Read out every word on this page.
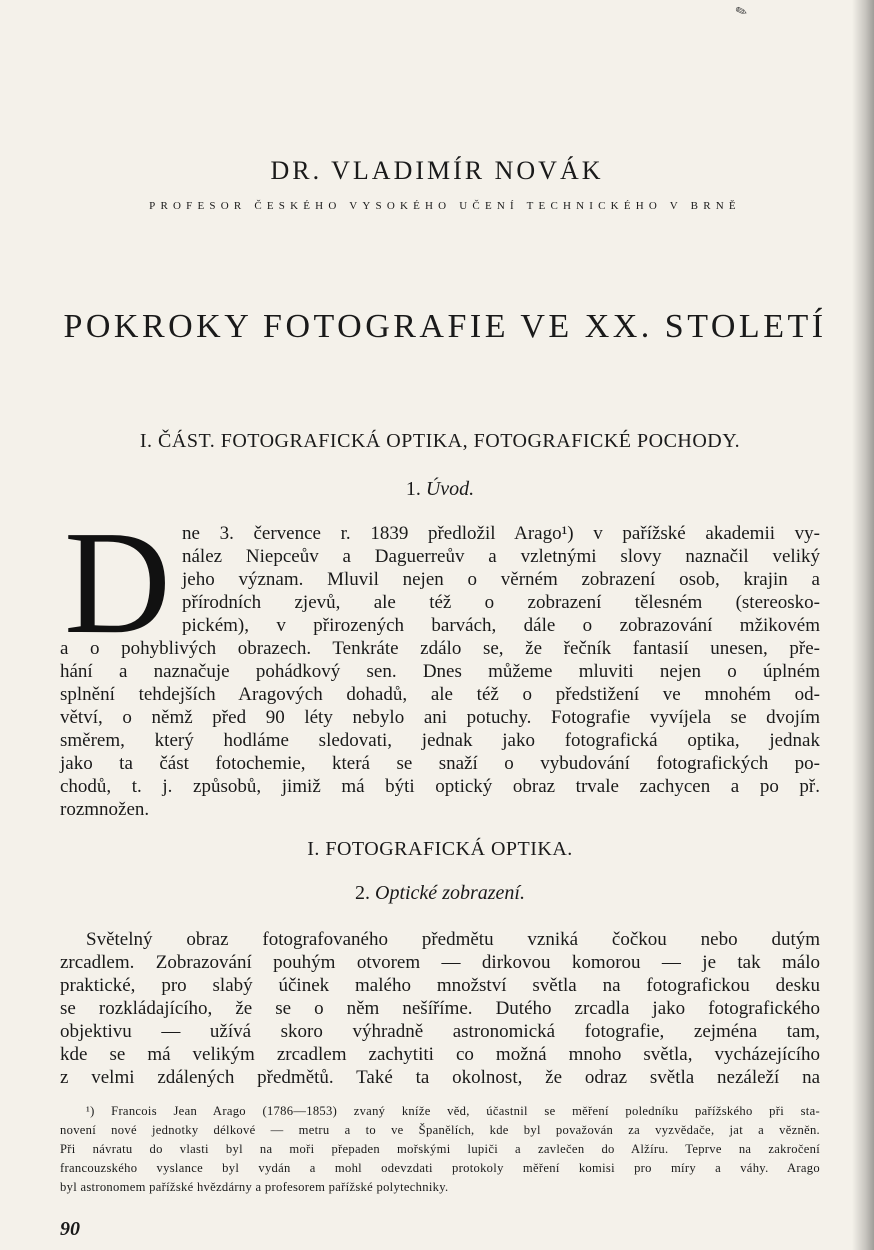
✎
DR. VLADIMÍR NOVÁK
PROFESOR ČESKÉHO VYSOKÉHO UČENÍ TECHNICKÉHO V BRNĚ
POKROKY FOTOGRAFIE VE XX. STOLETÍ
I. ČÁST. FOTOGRAFICKÁ OPTIKA, FOTOGRAFICKÉ POCHODY.
1. Úvod.
D ne 3. července r. 1839 předložil Arago¹) v pařížské akademii vy-
nález Niepceův a Daguerreův a vzletnými slovy naznačil veliký
jeho význam. Mluvil nejen o věrném zobrazení osob, krajin a
přírodních zjevů, ale též o zobrazení tělesném (stereosko-
pickém), v přirozených barvách, dále o zobrazování mžikovém
a o pohyblivých obrazech. Tenkráte zdálo se, že řečník fantasií unesen, pře-
hání a naznačuje pohádkový sen. Dnes můžeme mluviti nejen o úplném
splnění tehdejších Aragových dohadů, ale též o předstižení ve mnohém od-
větví, o němž před 90 léty nebylo ani potuchy. Fotografie vyvíjela se dvojím
směrem, který hodláme sledovati, jednak jako fotografická optika, jednak
jako ta část fotochemie, která se snaží o vybudování fotografických po-
chodů, t. j. způsobů, jimiž má býti optický obraz trvale zachycen a po př.
rozmnožen.
I. FOTOGRAFICKÁ OPTIKA.
2. Optické zobrazení.
Světelný obraz fotografovaného předmětu vzniká čočkou nebo dutým
zrcadlem. Zobrazování pouhým otvorem — dirkovou komorou — je tak málo
praktické, pro slabý účinek malého množství světla na fotografickou desku
se rozkládajícího, že se o něm nešíříme. Dutého zrcadla jako fotografického
objektivu — užívá skoro výhradně astronomická fotografie, zejména tam,
kde se má velikým zrcadlem zachytiti co možná mnoho světla, vycházejícího
z velmi zdálených předmětů. Také ta okolnost, že odraz světla nezáleží na
¹) Francois Jean Arago (1786—1853) zvaný kníže věd, účastnil se měření poledníku pařížského při sta-
novení nové jednotky délkové — metru a to ve Španělích, kde byl považován za vyzvědače, jat a vězněn.
Při návratu do vlasti byl na moři přepaden mořskými lupiči a zavlečen do Alžíru. Teprve na zakročení
francouzského vyslance byl vydán a mohl odevzdati protokoly měření komisi pro míry a váhy. Arago
byl astronomem pařížské hvězdárny a profesorem pařížské polytechniky.
90
